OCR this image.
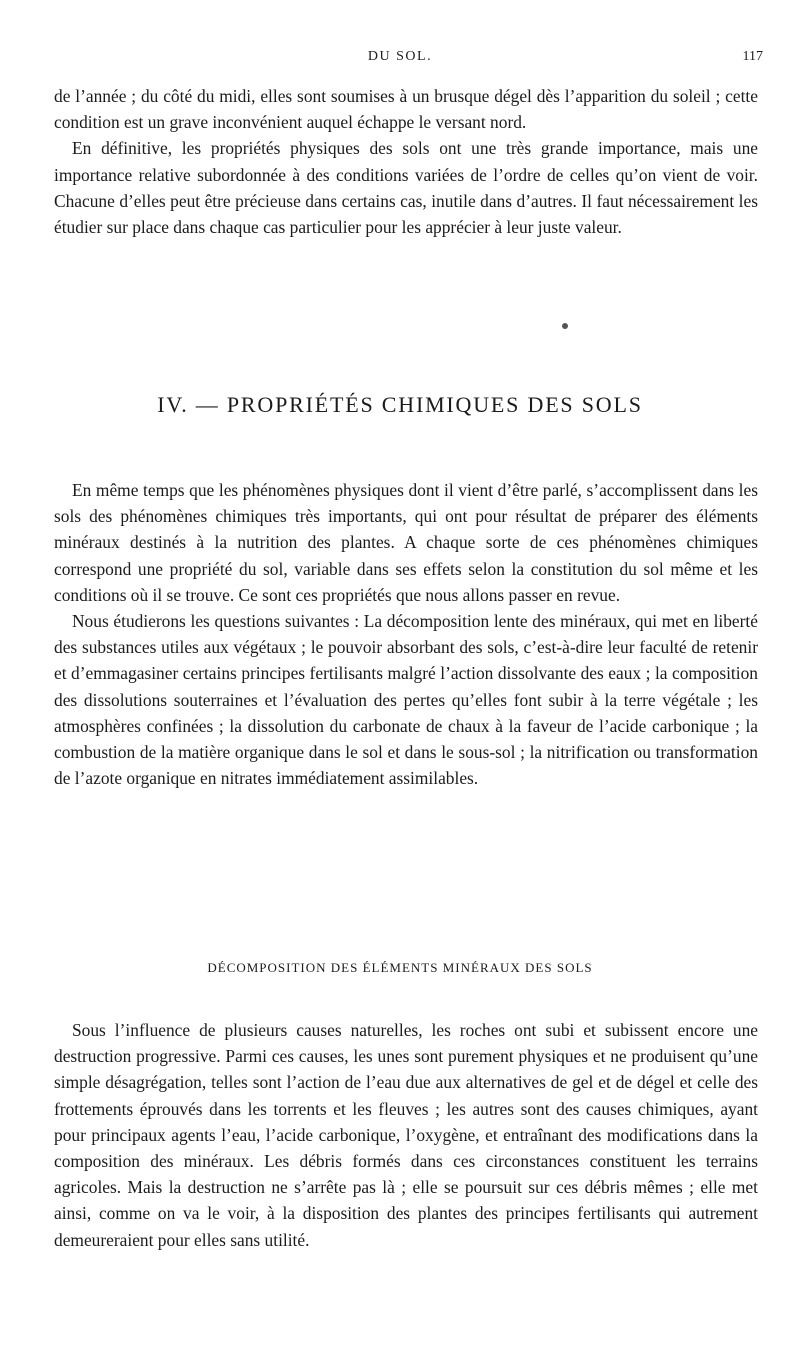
DU SOL.	117

de l’année ; du côté du midi, elles sont soumises à un brusque dégel dès l’apparition du soleil ; cette condition est un grave inconvénient auquel échappe le versant nord.

En définitive, les propriétés physiques des sols ont une très grande importance, mais une importance relative subordonnée à des conditions variées de l’ordre de celles qu’on vient de voir. Chacune d’elles peut être précieuse dans certains cas, inutile dans d’autres. Il faut nécessairement les étudier sur place dans chaque cas particulier pour les apprécier à leur juste valeur.

IV. — PROPRIÉTÉS CHIMIQUES DES SOLS

En même temps que les phénomènes physiques dont il vient d’être parlé, s’accomplissent dans les sols des phénomènes chimiques très importants, qui ont pour résultat de préparer des éléments minéraux destinés à la nutrition des plantes. A chaque sorte de ces phénomènes chimiques correspond une propriété du sol, variable dans ses effets selon la constitution du sol même et les conditions où il se trouve. Ce sont ces propriétés que nous allons passer en revue.

Nous étudierons les questions suivantes : La décomposition lente des minéraux, qui met en liberté des substances utiles aux végétaux ; le pouvoir absorbant des sols, c’est-à-dire leur faculté de retenir et d’emmagasiner certains principes fertilisants malgré l’action dissolvante des eaux ; la composition des dissolutions souterraines et l’évaluation des pertes qu’elles font subir à la terre végétale ; les atmosphères confinées ; la dissolution du carbonate de chaux à la faveur de l’acide carbonique ; la combustion de la matière organique dans le sol et dans le sous-sol ; la nitrification ou transformation de l’azote organique en nitrates immédiatement assimilables.

DÉCOMPOSITION DES ÉLÉMENTS MINÉRAUX DES SOLS

Sous l’influence de plusieurs causes naturelles, les roches ont subi et subissent encore une destruction progressive. Parmi ces causes, les unes sont purement physiques et ne produisent qu’une simple désagrégation, telles sont l’action de l’eau due aux alternatives de gel et de dégel et celle des frottements éprouvés dans les torrents et les fleuves ; les autres sont des causes chimiques, ayant pour principaux agents l’eau, l’acide carbonique, l’oxygène, et entraînant des modifications dans la composition des minéraux. Les débris formés dans ces circonstances constituent les terrains agricoles. Mais la destruction ne s’arrête pas là ; elle se poursuit sur ces débris mêmes ; elle met ainsi, comme on va le voir, à la disposition des plantes des principes fertilisants qui autrement demeureraient pour elles sans utilité.
